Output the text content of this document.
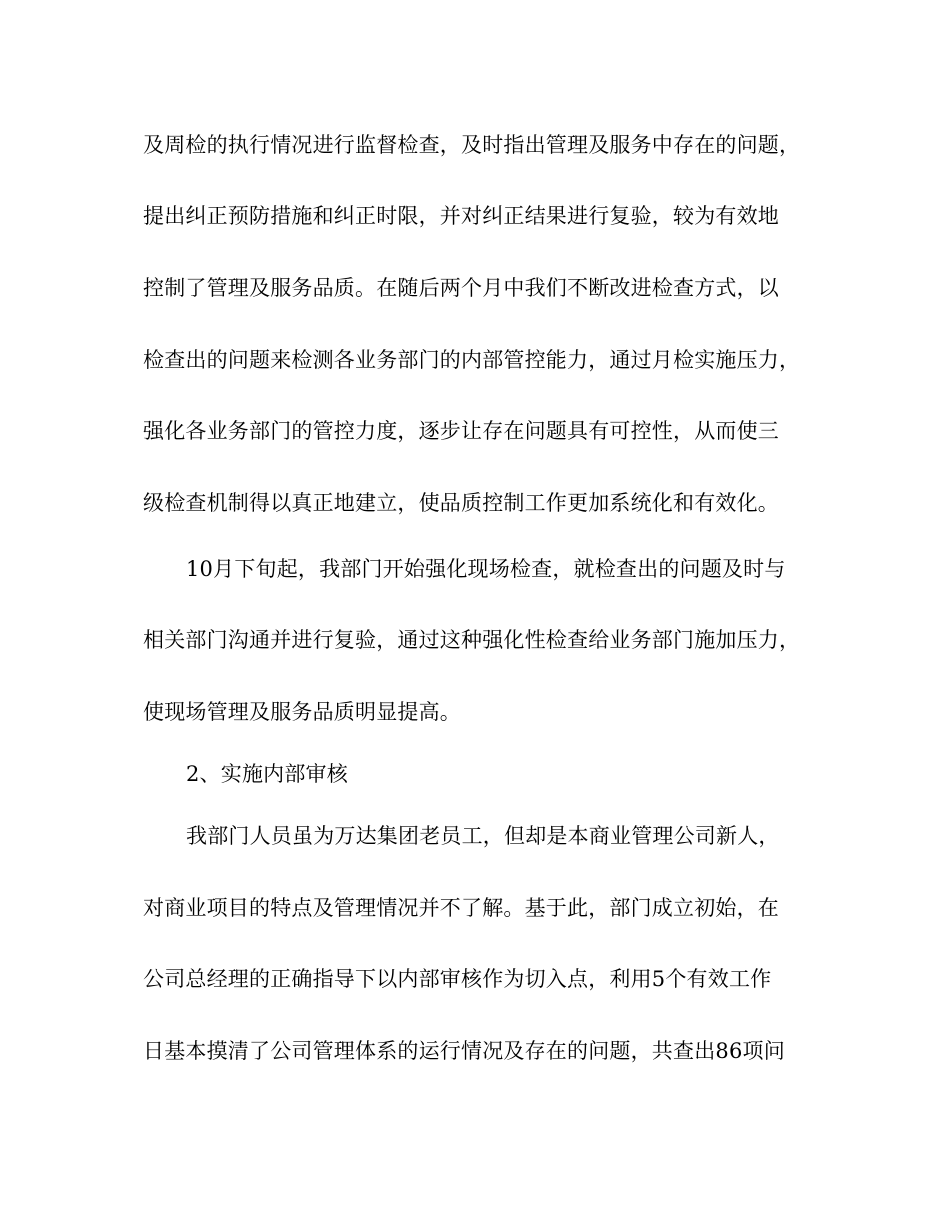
及周检的执行情况进行监督检查，及时指出管理及服务中存在的问题，
提出纠正预防措施和纠正时限，并对纠正结果进行复验，较为有效地
控制了管理及服务品质。在随后两个月中我们不断改进检查方式，以
检查出的问题来检测各业务部门的内部管控能力，通过月检实施压力，
强化各业务部门的管控力度，逐步让存在问题具有可控性，从而使三
级检查机制得以真正地建立，使品质控制工作更加系统化和有效化。
10月下旬起，我部门开始强化现场检查，就检查出的问题及时与
相关部门沟通并进行复验，通过这种强化性检查给业务部门施加压力，
使现场管理及服务品质明显提高。
2、实施内部审核
我部门人员虽为万达集团老员工，但却是本商业管理公司新人，
对商业项目的特点及管理情况并不了解。基于此，部门成立初始，在
公司总经理的正确指导下以内部审核作为切入点，利用5个有效工作
日基本摸清了公司管理体系的运行情况及存在的问题，共查出86项问
